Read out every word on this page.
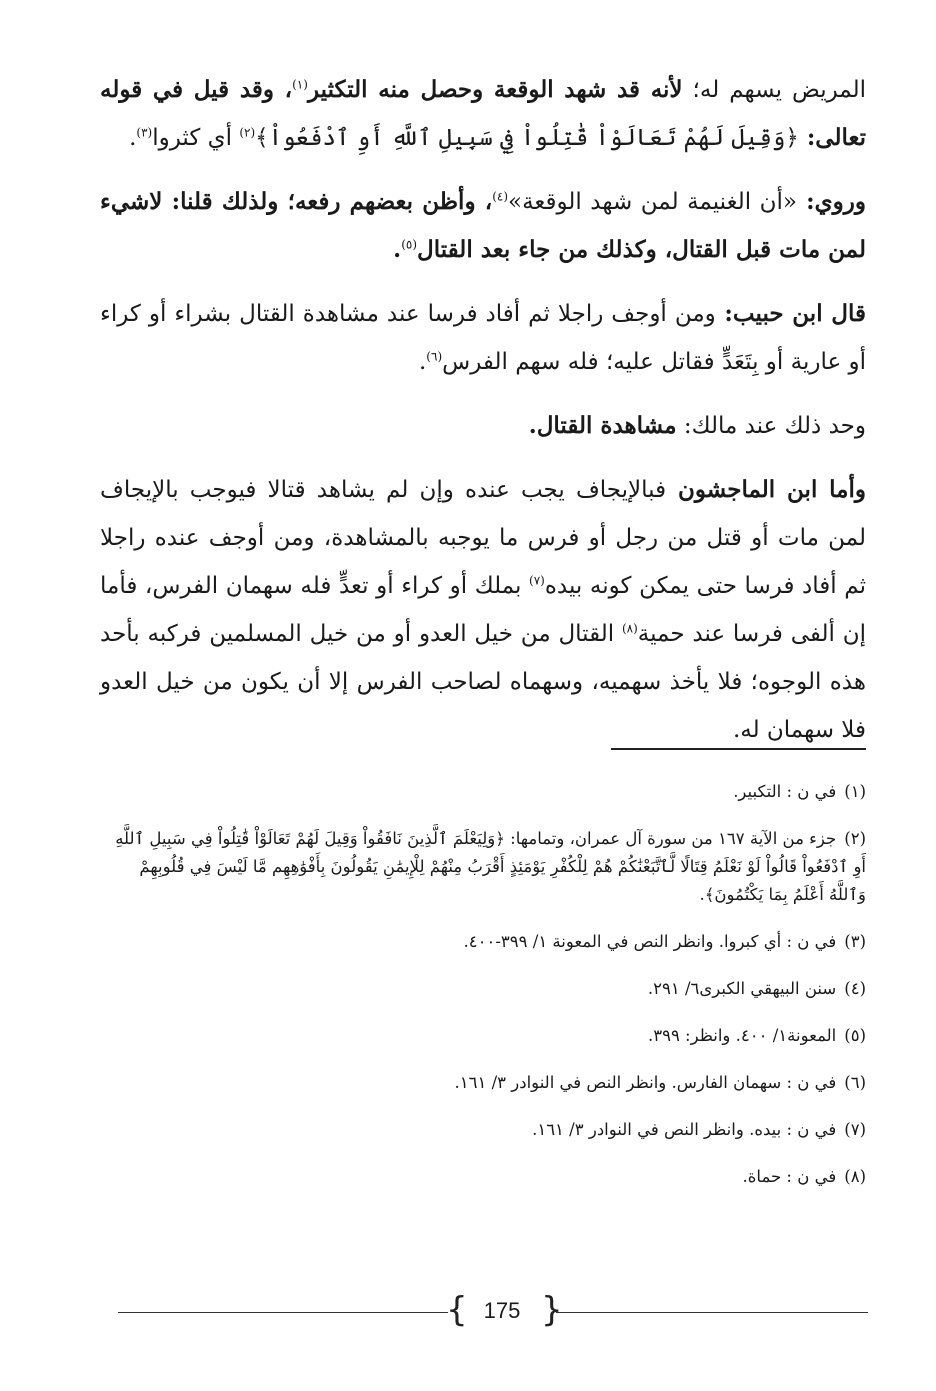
المريض يسهم له؛ لأنه قد شهد الوقعة وحصل منه التكثير$^{(١)}$، وقد قيل في قوله تعالى: ﴿وَقِيلَ لَهُمْ تَعَالَوْاْ قَٰتِلُواْ فِي سَبِيلِ ٱللَّهِ أَوِ ٱدْفَعُواْ﴾$^{(٢)}$ أي كثروا$^{(٣)}$.

وروي: «أن الغنيمة لمن شهد الوقعة»$^{(٤)}$، وأظن بعضهم رفعه؛ ولذلك قلنا: لاشيء لمن مات قبل القتال، وكذلك من جاء بعد القتال$^{(٥)}$.

قال ابن حبيب: ومن أوجف راجلا ثم أفاد فرسا عند مشاهدة القتال بشراء أو كراء أو عارية أو بِتَعَدٍّ فقاتل عليه؛ فله سهم الفرس$^{(٦)}$.

وحد ذلك عند مالك: مشاهدة القتال.

وأما ابن الماجشون فبالإيجاف يجب عنده وإن لم يشاهد قتالا فيوجب بالإيجاف لمن مات أو قتل من رجل أو فرس ما يوجبه بالمشاهدة، ومن أوجف عنده راجلا ثم أفاد فرسا حتى يمكن كونه بيده$^{(٧)}$ بملك أو كراء أو تعدٍّ فله سهمان الفرس، فأما إن ألفى فرسا عند حمية$^{(٨)}$ القتال من خيل العدو أو من خيل المسلمين فركبه بأحد هذه الوجوه؛ فلا يأخذ سهميه، وسهماه لصاحب الفرس إلا أن يكون من خيل العدو فلا سهمان له.

(١)في ن : التكبير.

(٢)جزء من الآية ١٦٧ من سورة آل عمران، وتمامها: ﴿وَلِيَعْلَمَ ٱلَّذِينَ نَافَقُواْ وَقِيلَ لَهُمْ تَعَالَوْاْ قَٰتِلُواْ فِي سَبِيلِ ٱللَّهِ أَوِ ٱدْفَعُواْ قَالُواْ لَوْ نَعْلَمُ قِتَالًا لَّٱتَّبَعْنَٰكُمْ هُمْ لِلْكُفْرِ يَوْمَئِذٍ أَقْرَبُ مِنْهُمْ لِلْإِيمَٰنِ يَقُولُونَ بِأَفْوَٰهِهِم مَّا لَيْسَ فِي قُلُوبِهِمْ وَٱللَّهُ أَعْلَمُ بِمَا يَكْتُمُونَ﴾.

(٣)في ن : أي كبروا. وانظر النص في المعونة ١/ ٣٩٩-٤٠٠.

(٤)سنن البيهقي الكبرى٦/ ٢٩١.

(٥)المعونة١/ ٤٠٠. وانظر: ٣٩٩.

(٦)في ن : سهمان الفارس. وانظر النص في النوادر ٣/ ١٦١.

(٧)في ن : بيده. وانظر النص في النوادر ٣/ ١٦١.

(٨)في ن : حماة.

{ 175 }
